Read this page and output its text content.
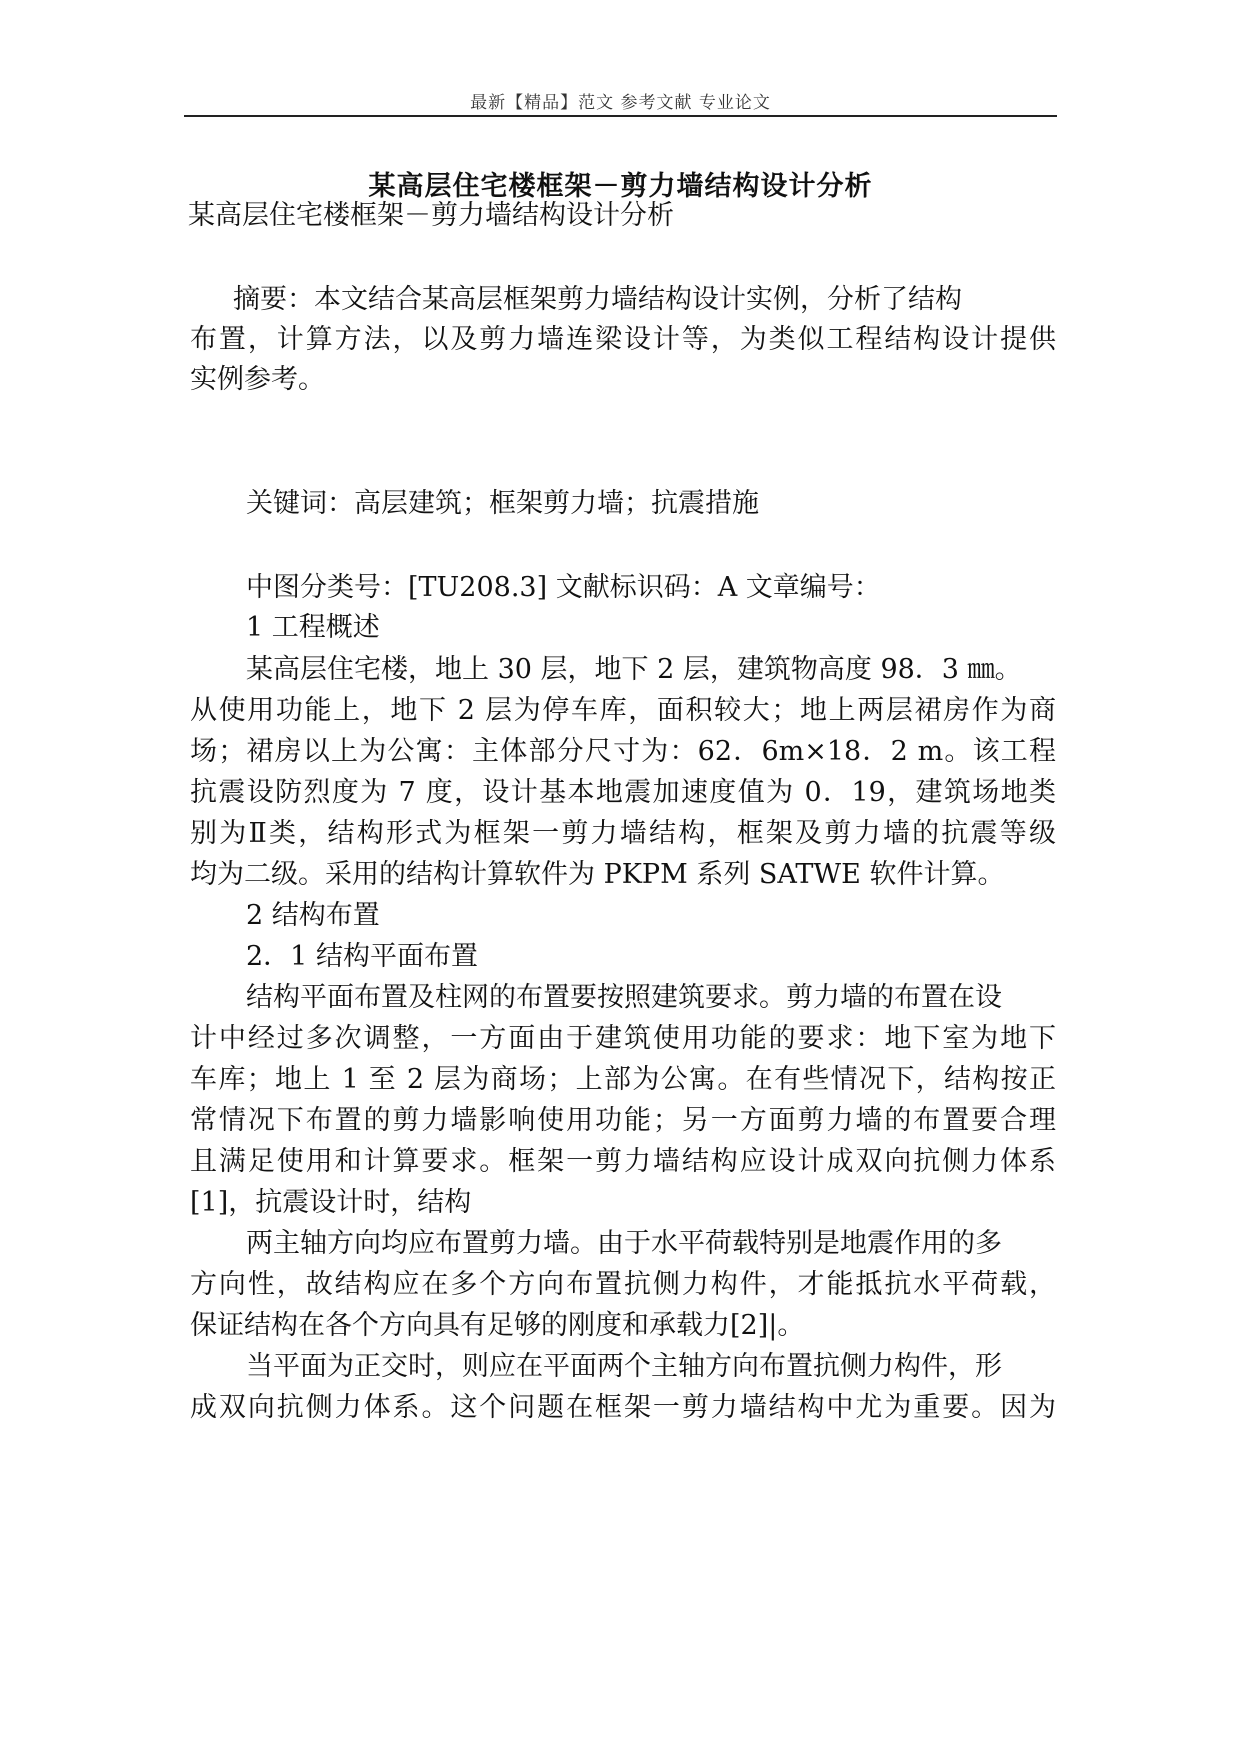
最新【精品】范文 参考文献 专业论文
某高层住宅楼框架－剪力墙结构设计分析
某高层住宅楼框架－剪力墙结构设计分析
摘要：本文结合某高层框架剪力墙结构设计实例，分析了结构
布置，计算方法，以及剪力墙连梁设计等，为类似工程结构设计提供
实例参考。
关键词：高层建筑；框架剪力墙；抗震措施
中图分类号：[TU208.3] 文献标识码：A 文章编号：
1 工程概述
某高层住宅楼，地上 30 层，地下 2 层，建筑物高度 98．3 ㎜。
从使用功能上，地下 2 层为停车库，面积较大；地上两层裙房作为商
场；裙房以上为公寓：主体部分尺寸为：62．6m×18．2 m。该工程
抗震设防烈度为 7 度，设计基本地震加速度值为 0．19，建筑场地类
别为Ⅱ类，结构形式为框架一剪力墙结构，框架及剪力墙的抗震等级
均为二级。采用的结构计算软件为 PKPM 系列 SATWE 软件计算。
2 结构布置
2．1 结构平面布置
结构平面布置及柱网的布置要按照建筑要求。剪力墙的布置在设
计中经过多次调整，一方面由于建筑使用功能的要求：地下室为地下
车库；地上 1 至 2 层为商场；上部为公寓。在有些情况下，结构按正
常情况下布置的剪力墙影响使用功能；另一方面剪力墙的布置要合理
且满足使用和计算要求。框架一剪力墙结构应设计成双向抗侧力体系
[1]，抗震设计时，结构
两主轴方向均应布置剪力墙。由于水平荷载特别是地震作用的多
方向性，故结构应在多个方向布置抗侧力构件，才能抵抗水平荷载，
保证结构在各个方向具有足够的刚度和承载力[2]|。
当平面为正交时，则应在平面两个主轴方向布置抗侧力构件，形
成双向抗侧力体系。这个问题在框架一剪力墙结构中尤为重要。因为
